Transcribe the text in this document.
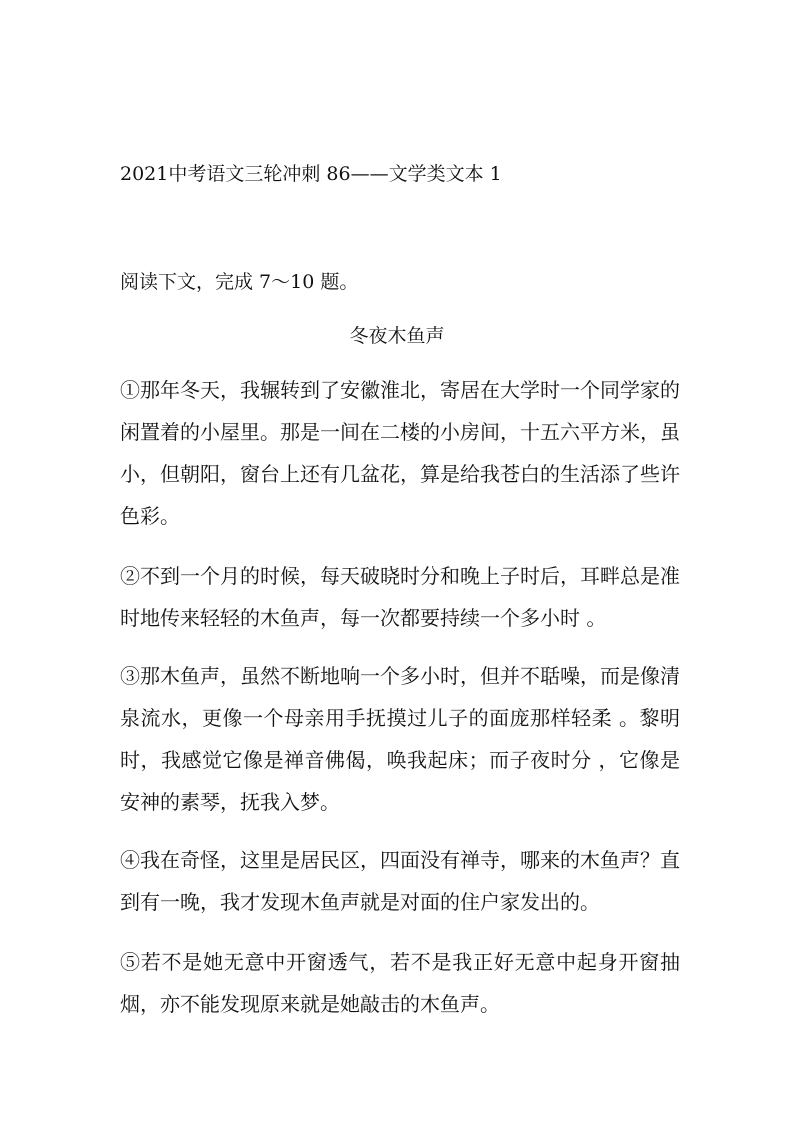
2021中考语文三轮冲刺 86——文学类文本 1
阅读下文，完成 7～10 题。
冬夜木鱼声
①那年冬天，我辗转到了安徽淮北，寄居在大学时一个同学家的闲置着的小屋里。那是一间在二楼的小房间，十五六平方米，虽小，但朝阳，窗台上还有几盆花，算是给我苍白的生活添了些许色彩。
②不到一个月的时候，每天破晓时分和晚上子时后，耳畔总是准时地传来轻轻的木鱼声，每一次都要持续一个多小时 。
③那木鱼声，虽然不断地响一个多小时，但并不聒噪，而是像清泉流水，更像一个母亲用手抚摸过儿子的面庞那样轻柔 。黎明时，我感觉它像是禅音佛偈，唤我起床；而子夜时分 ，它像是安神的素琴，抚我入梦。
④我在奇怪，这里是居民区，四面没有禅寺，哪来的木鱼声？直到有一晚，我才发现木鱼声就是对面的住户家发出的。
⑤若不是她无意中开窗透气，若不是我正好无意中起身开窗抽烟，亦不能发现原来就是她敲击的木鱼声。
